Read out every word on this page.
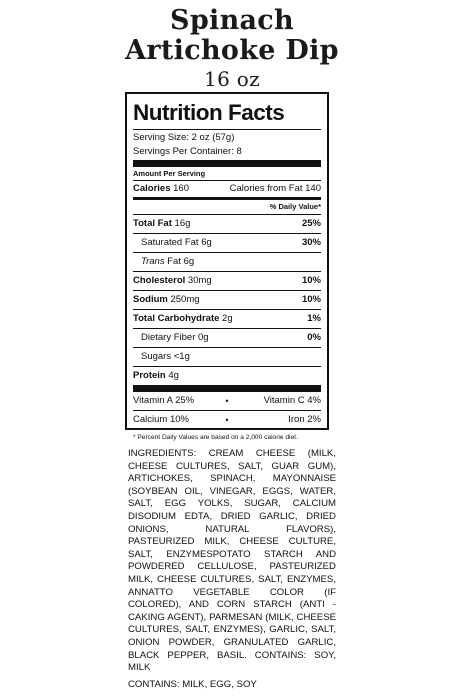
Spinach
Artichoke Dip
16 oz
Nutrition Facts
Serving Size: 2 oz (57g)
Servings Per Container: 8
Amount Per Serving
Calories 160	Calories from Fat 140
% Daily Value*
Total Fat 16g	25%
Saturated Fat 6g	30%
Trans Fat 6g
Cholesterol 30mg	10%
Sodium 250mg	10%
Total Carbohydrate 2g	1%
Dietary Fiber 0g	0%
Sugars <1g
Protein 4g
Vitamin A 25%	•	Vitamin C 4%
Calcium 10%	•	Iron 2%
* Percent Daily Values are based on a 2,000 calorie diet.
INGREDIENTS: CREAM CHEESE (MILK, CHEESE CULTURES, SALT, GUAR GUM), ARTICHOKES, SPINACH, MAYONNAISE (SOYBEAN OIL, VINEGAR, EGGS, WATER, SALT, EGG YOLKS, SUGAR, CALCIUM DISODIUM EDTA, DRIED GARLIC, DRIED ONIONS, NATURAL FLAVORS), PASTEURIZED MILK, CHEESE CULTURE, SALT, ENZYMESPOTATO STARCH AND POWDERED CELLULOSE, PASTEURIZED MILK, CHEESE CULTURES, SALT, ENZYMES, ANNATTO VEGETABLE COLOR (IF COLORED), AND CORN STARCH (ANTI - CAKING AGENT), PARMESAN (MILK, CHEESE CULTURES, SALT, ENZYMES), GARLIC, SALT, ONION POWDER, GRANULATED GARLIC, BLACK PEPPER, BASIL. CONTAINS: SOY, MILK
CONTAINS: MILK, EGG, SOY
